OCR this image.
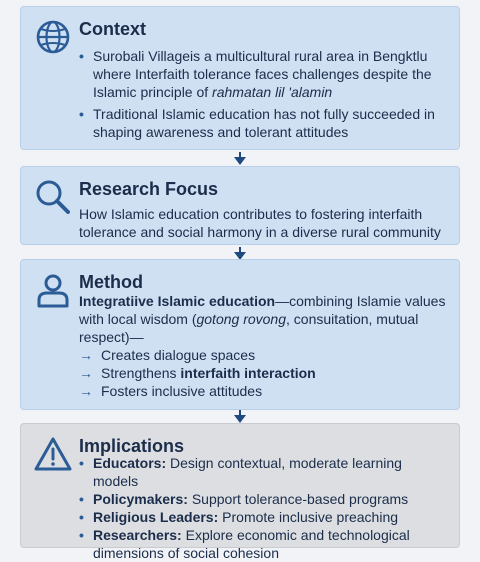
Context
• Surobali Villageis a multicultural rural area in Bengktlu where Interfaith tolerance faces challenges despite the Islamic principle of rahmatan lil 'alamin
• Traditional Islamic education has not fully succeeded in shaping awareness and tolerant attitudes
Research Focus
How Islamic education contributes to fostering interfaith tolerance and social harmony in a diverse rural community
Method
Integratiive Islamic education—combining Islamie values with local wisdom (gotong rovong, consuitation, mutual respect)—
→ Creates dialogue spaces
→ Strengthens interfaith interaction
→ Fosters inclusive attitudes
Implications
• Educators: Design contextual, moderate learning models
• Policymakers: Support tolerance-based programs
• Religious Leaders: Promote inclusive preaching
• Researchers: Explore economic and technological dimensions of social cohesion
